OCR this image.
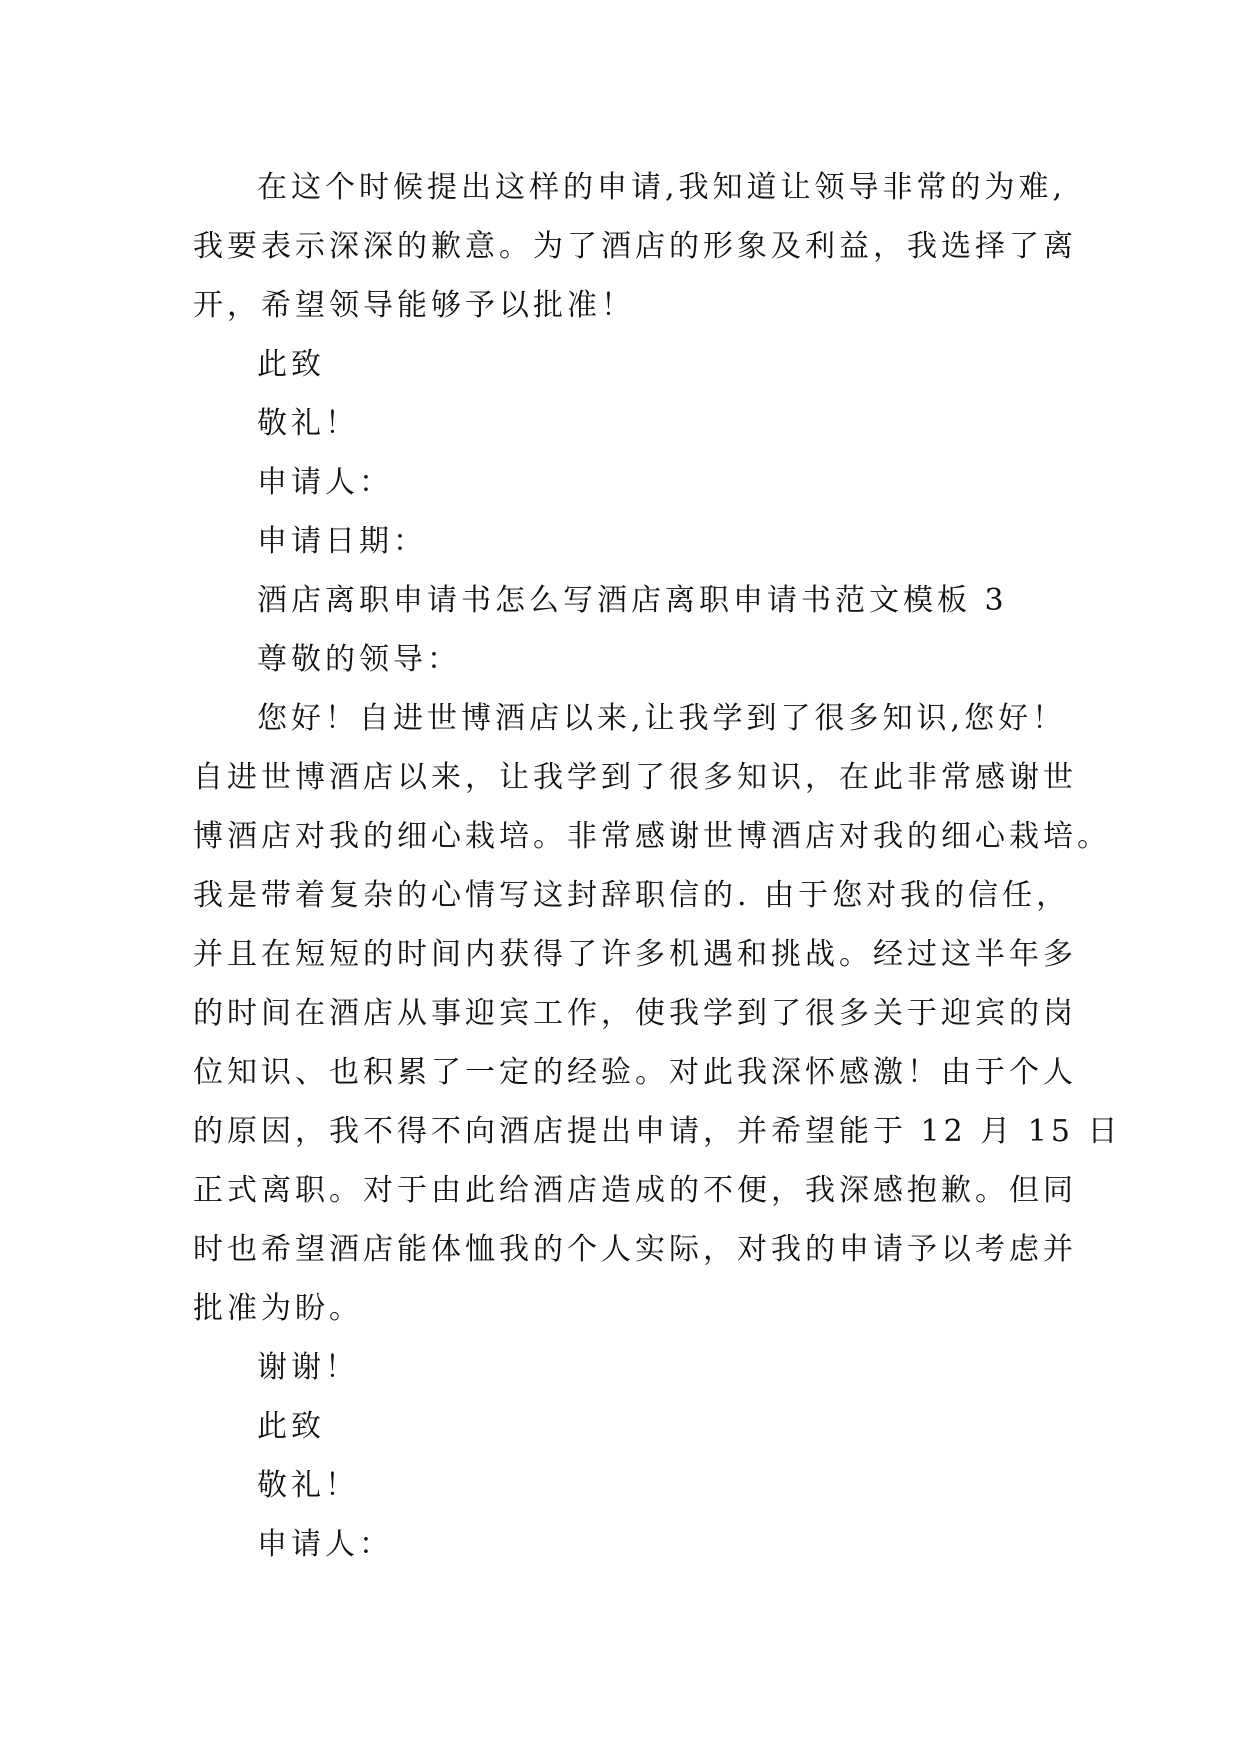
在这个时候提出这样的申请,我知道让领导非常的为难,
我要表示深深的歉意。为了酒店的形象及利益，我选择了离
开，希望领导能够予以批准！
此致
敬礼！
申请人：
申请日期：
酒店离职申请书怎么写酒店离职申请书范文模板 3
尊敬的领导：
您好！自进世博酒店以来,让我学到了很多知识,您好！
自进世博酒店以来，让我学到了很多知识，在此非常感谢世
博酒店对我的细心栽培。非常感谢世博酒店对我的细心栽培。
我是带着复杂的心情写这封辞职信的. 由于您对我的信任，
并且在短短的时间内获得了许多机遇和挑战。经过这半年多
的时间在酒店从事迎宾工作，使我学到了很多关于迎宾的岗
位知识、也积累了一定的经验。对此我深怀感激！由于个人
的原因，我不得不向酒店提出申请，并希望能于 12 月 15 日
正式离职。对于由此给酒店造成的不便，我深感抱歉。但同
时也希望酒店能体恤我的个人实际，对我的申请予以考虑并
批准为盼。
谢谢！
此致
敬礼！
申请人：
